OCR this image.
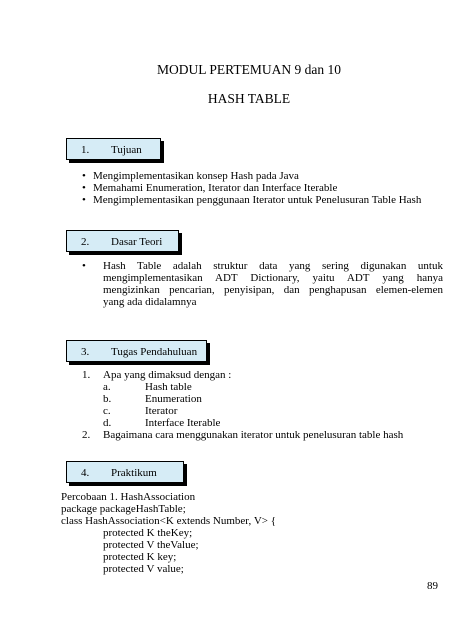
MODUL PERTEMUAN 9 dan 10
HASH TABLE
1. Tujuan
• Mengimplementasikan konsep Hash pada Java
• Memahami Enumeration, Iterator dan Interface Iterable
• Mengimplementasikan penggunaan Iterator untuk Penelusuran Table Hash
2. Dasar Teori
• Hash Table adalah struktur data yang sering digunakan untuk
mengimplementasikan ADT Dictionary, yaitu ADT yang hanya
mengizinkan pencarian, penyisipan, dan penghapusan elemen-elemen
yang ada didalamnya
3. Tugas Pendahuluan
1. Apa yang dimaksud dengan :
a.	Hash table
b.	Enumeration
c.	Iterator
d.	Interface Iterable
2. Bagaimana cara menggunakan iterator untuk penelusuran table hash
4. Praktikum
Percobaan 1. HashAssociation
package packageHashTable;
class HashAssociation<K extends Number, V> {
protected K theKey;
protected V theValue;
protected K key;
protected V value;
89
